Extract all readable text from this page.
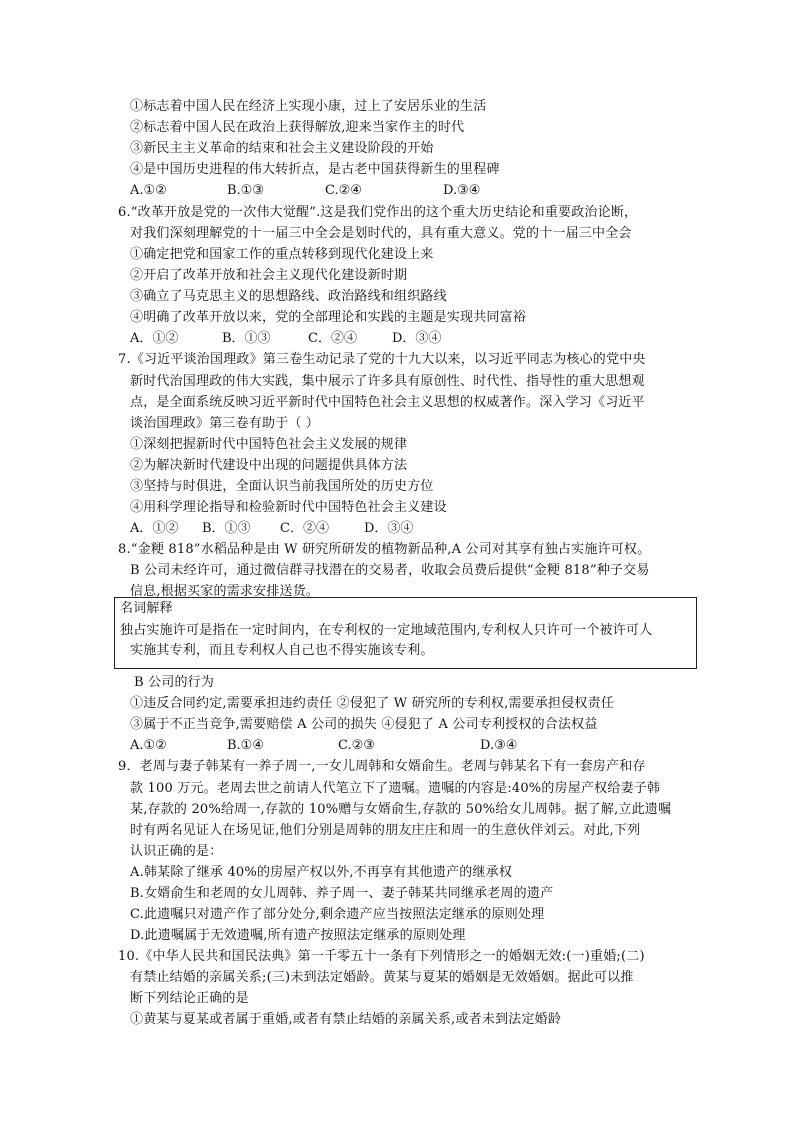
①标志着中国人民在经济上实现小康，过上了安居乐业的生活
②标志着中国人民在政治上获得解放,迎来当家作主的时代
③新民主主义革命的结束和社会主义建设阶段的开始
④是中国历史进程的伟大转折点，是古老中国获得新生的里程碑
A.①②	B.①③	C.②④	D.③④
6.“改革开放是党的一次伟大觉醒”.这是我们党作出的这个重大历史结论和重要政治论断，
对我们深刻理解党的十一届三中全会是划时代的，具有重大意义。党的十一届三中全会
①确定把党和国家工作的重点转移到现代化建设上来
②开启了改革开放和社会主义现代化建设新时期
③确立了马克思主义的思想路线、政治路线和组织路线
④明确了改革开放以来，党的全部理论和实践的主题是实现共同富裕
A．①②	B．①③	C．②④	D．③④
7.《习近平谈治国理政》第三卷生动记录了党的十九大以来，以习近平同志为核心的党中央
新时代治国理政的伟大实践，集中展示了许多具有原创性、时代性、指导性的重大思想观
点，是全面系统反映习近平新时代中国特色社会主义思想的权威著作。深入学习《习近平
谈治国理政》第三卷有助于（ ）
①深刻把握新时代中国特色社会主义发展的规律
②为解决新时代建设中出现的问题提供具体方法
③坚持与时俱进，全面认识当前我国所处的历史方位
④用科学理论指导和检验新时代中国特色社会主义建设
A．①② B．①③ C．②④	D．③④
8.“金粳 818”水稻品种是由 W 研究所研发的植物新品种,A 公司对其享有独占实施许可权。
B 公司未经许可，通过微信群寻找潜在的交易者，收取会员费后提供“金粳 818”种子交易
信息,根据买家的需求安排送货。
名词解释
独占实施许可是指在一定时间内，在专利权的一定地域范围内,专利权人只许可一个被许可人
实施其专利，而且专利权人自己也不得实施该专利。
B 公司的行为
①违反合同约定,需要承担违约责任 ②侵犯了 W 研究所的专利权,需要承担侵权责任
③属于不正当竞争,需要赔偿 A 公司的损失 ④侵犯了 A 公司专利授权的合法权益
A.①②	B.①④	C.②③	D.③④
9．老周与妻子韩某有一养子周一,一女儿周韩和女婿俞生。老周与韩某名下有一套房产和存
款 100 万元。老周去世之前请人代笔立下了遗嘱。遗嘱的内容是:40%的房屋产权给妻子韩
某,存款的 20%给周一,存款的 10%赠与女婿俞生,存款的 50%给女儿周韩。据了解,立此遗嘱
时有两名见证人在场见证,他们分别是周韩的朋友庄庄和周一的生意伙伴刘云。对此,下列
认识正确的是：
A.韩某除了继承 40%的房屋产权以外,不再享有其他遗产的继承权
B.女婿俞生和老周的女儿周韩、养子周一、妻子韩某共同继承老周的遗产
C.此遗嘱只对遗产作了部分处分,剩余遗产应当按照法定继承的原则处理
D.此遗嘱属于无效遗嘱,所有遗产按照法定继承的原则处理
10.《中华人民共和国民法典》第一千零五十一条有下列情形之一的婚姻无效:(一)重婚;(二)
有禁止结婚的亲属关系;(三)未到法定婚龄。黄某与夏某的婚姻是无效婚姻。据此可以推
断下列结论正确的是
①黄某与夏某或者属于重婚,或者有禁止结婚的亲属关系,或者未到法定婚龄
